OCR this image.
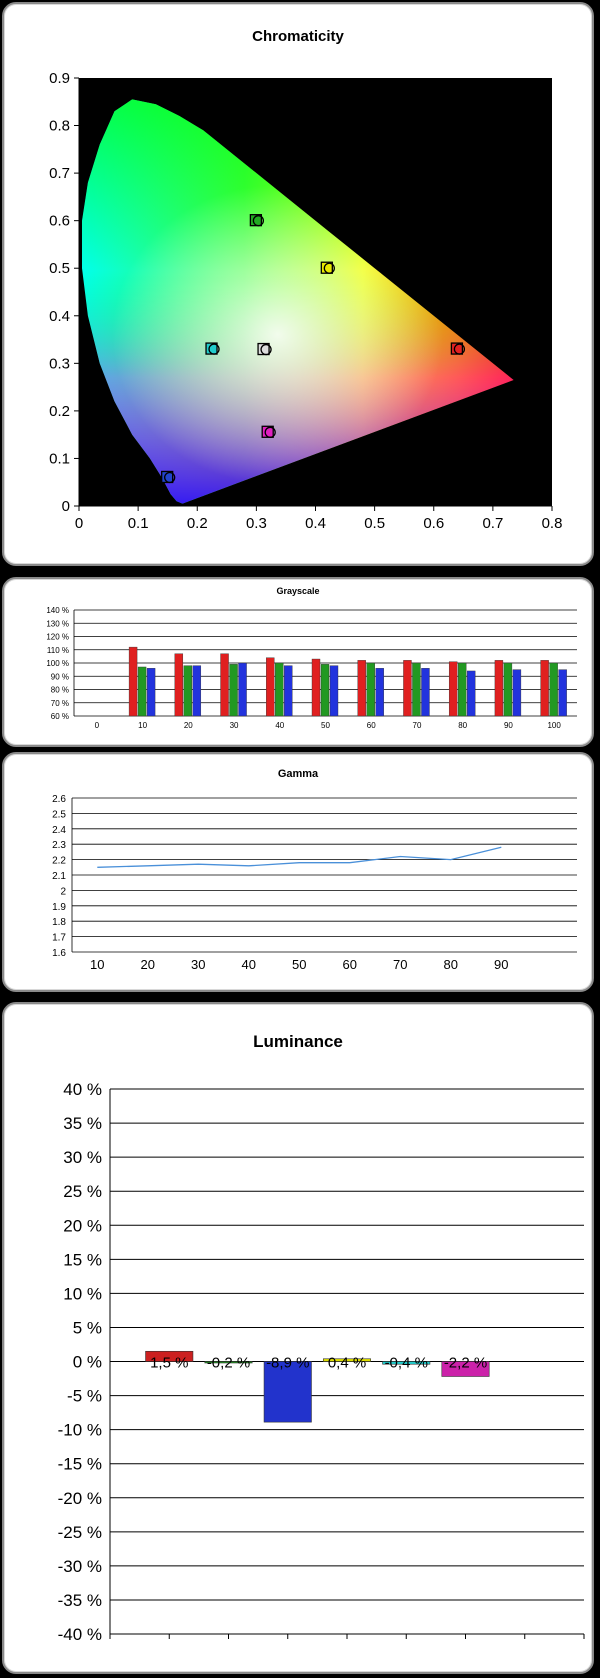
Chromaticity
0
0.1
0.2
0.3
0.4
0.5
0.6
0.7
0.8
0.9
0	0.1	0.2	0.3	0.4	0.5	0.6	0.7	0.8
Grayscale
60 %
70 %
80 %
90 %
100 %
110 %
120 %
130 %
140 %
0	10	20	30	40	50	60	70	80	90	100
Gamma
1.6
1.7
1.8
1.9
2
2.1
2.2
2.3
2.4
2.5
2.6
10	20	30	40	50	60	70	80	90
Luminance
40 %
35 %
30 %
25 %
20 %
15 %
10 %
5 %
0 %
-5 %
-10 %
-15 %
-20 %
-25 %
-30 %
-35 %
-40 %
1,5 % -0,2 % -8,9 % 0,4 % -0,4 % -2,2 %
